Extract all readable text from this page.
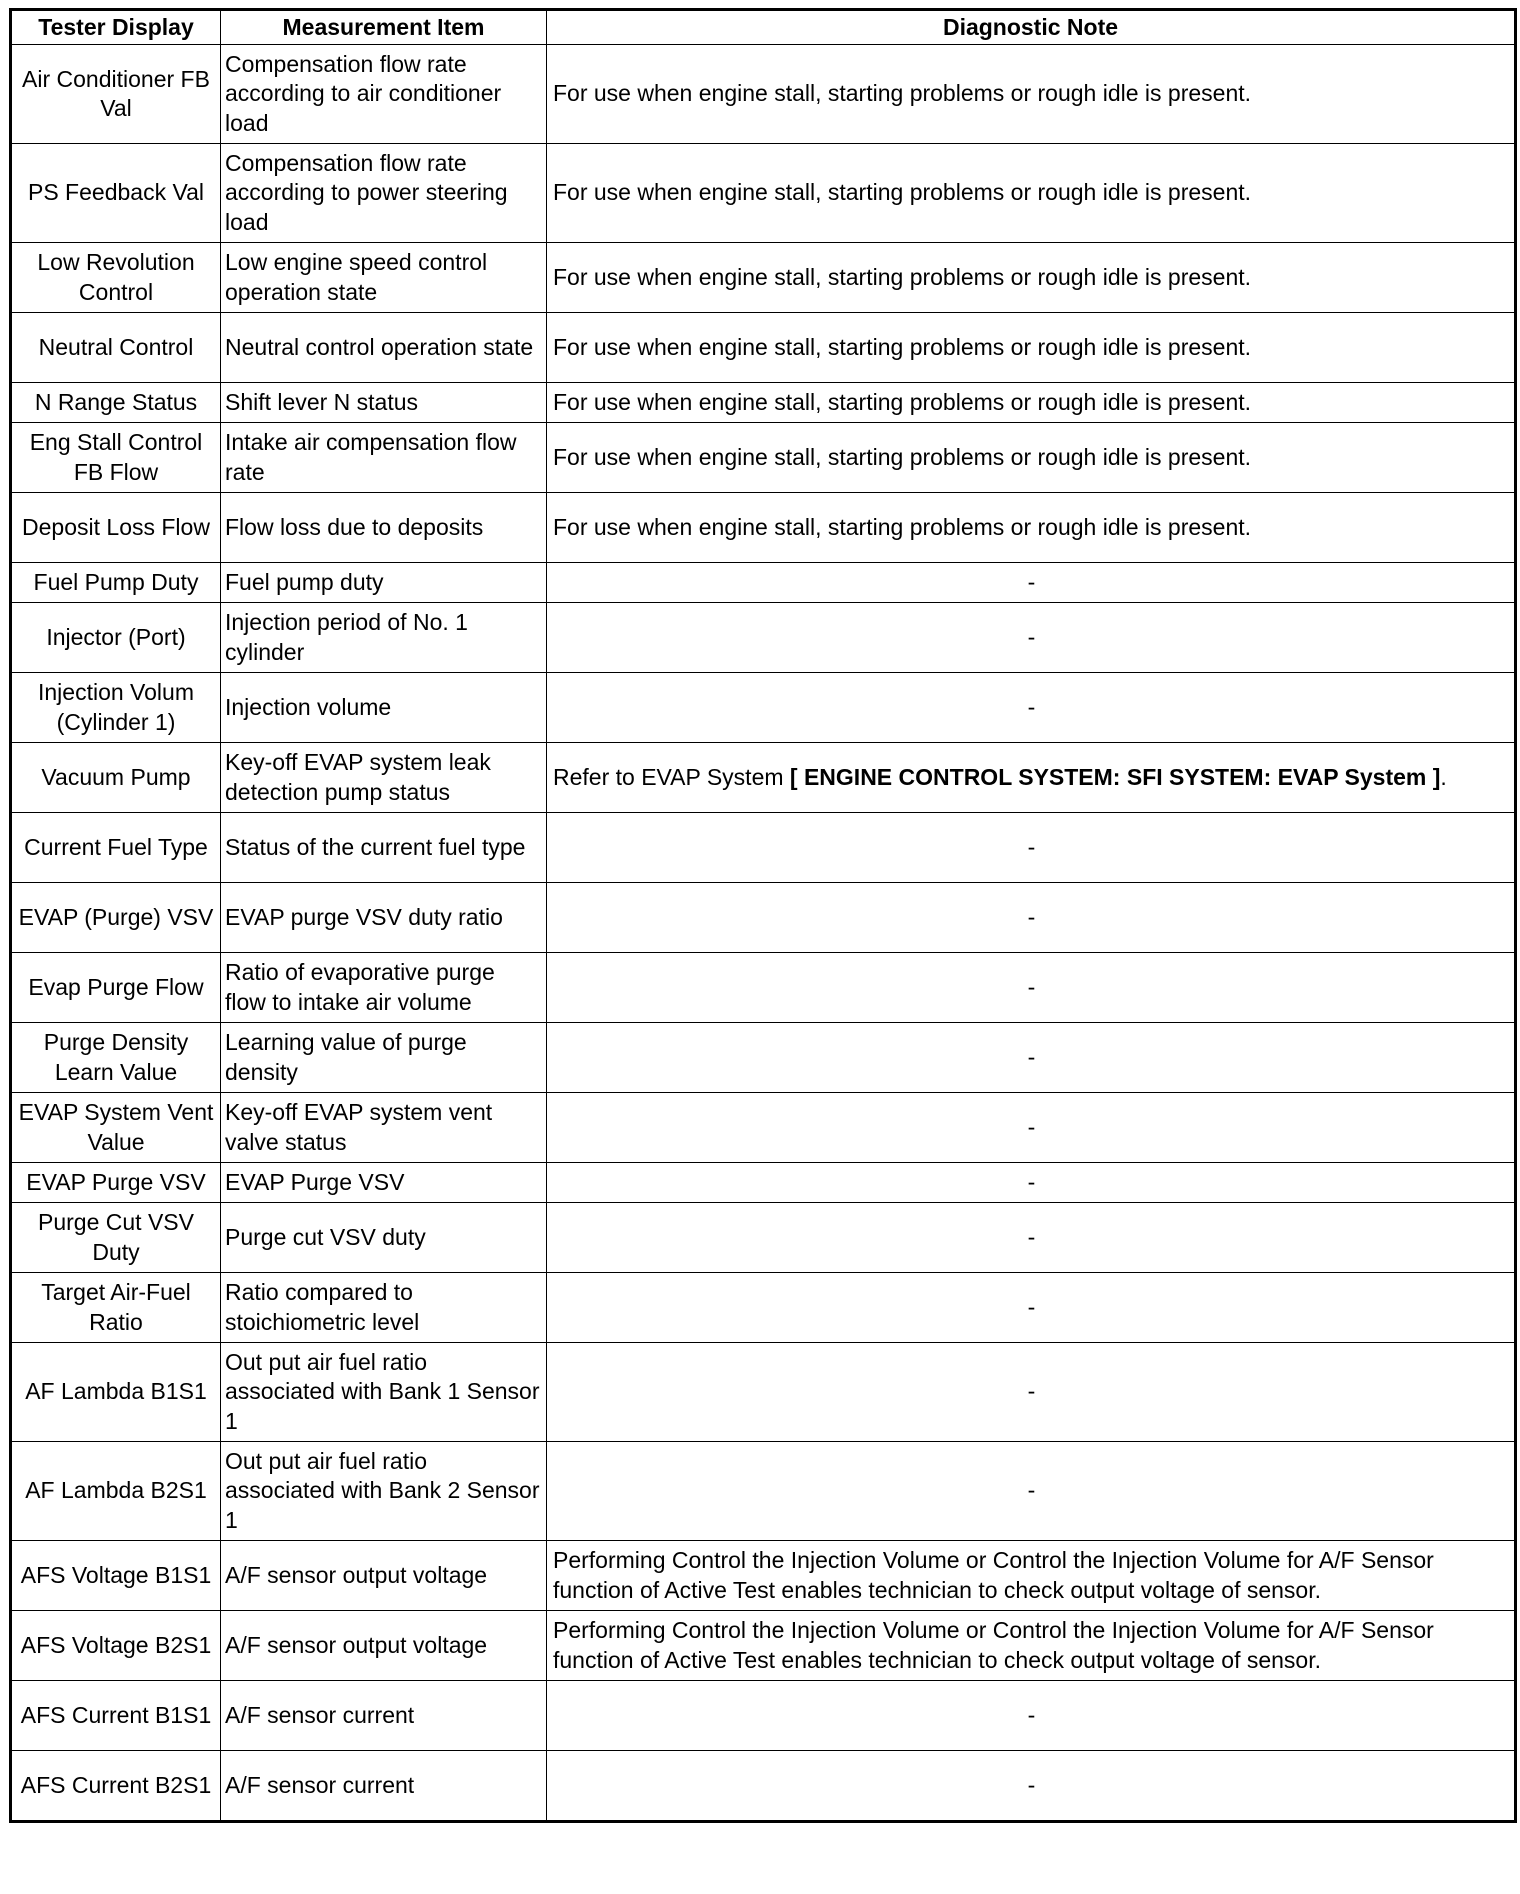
Tester Display	Measurement Item	Diagnostic Note
Air Conditioner FB Val	Compensation flow rate according to air conditioner load	For use when engine stall, starting problems or rough idle is present.
PS Feedback Val	Compensation flow rate according to power steering load	For use when engine stall, starting problems or rough idle is present.
Low Revolution Control	Low engine speed control operation state	For use when engine stall, starting problems or rough idle is present.
Neutral Control	Neutral control operation state	For use when engine stall, starting problems or rough idle is present.
N Range Status	Shift lever N status	For use when engine stall, starting problems or rough idle is present.
Eng Stall Control FB Flow	Intake air compensation flow rate	For use when engine stall, starting problems or rough idle is present.
Deposit Loss Flow	Flow loss due to deposits	For use when engine stall, starting problems or rough idle is present.
Fuel Pump Duty	Fuel pump duty	-
Injector (Port)	Injection period of No. 1 cylinder	-
Injection Volum (Cylinder 1)	Injection volume	-
Vacuum Pump	Key-off EVAP system leak detection pump status	Refer to EVAP System [ ENGINE CONTROL SYSTEM: SFI SYSTEM: EVAP System ].
Current Fuel Type	Status of the current fuel type	-
EVAP (Purge) VSV	EVAP purge VSV duty ratio	-
Evap Purge Flow	Ratio of evaporative purge flow to intake air volume	-
Purge Density Learn Value	Learning value of purge density	-
EVAP System Vent Value	Key-off EVAP system vent valve status	-
EVAP Purge VSV	EVAP Purge VSV	-
Purge Cut VSV Duty	Purge cut VSV duty	-
Target Air-Fuel Ratio	Ratio compared to stoichiometric level	-
AF Lambda B1S1	Out put air fuel ratio associated with Bank 1 Sensor 1	-
AF Lambda B2S1	Out put air fuel ratio associated with Bank 2 Sensor 1	-
AFS Voltage B1S1	A/F sensor output voltage	Performing Control the Injection Volume or Control the Injection Volume for A/F Sensor function of Active Test enables technician to check output voltage of sensor.
AFS Voltage B2S1	A/F sensor output voltage	Performing Control the Injection Volume or Control the Injection Volume for A/F Sensor function of Active Test enables technician to check output voltage of sensor.
AFS Current B1S1	A/F sensor current	-
AFS Current B2S1	A/F sensor current	-
